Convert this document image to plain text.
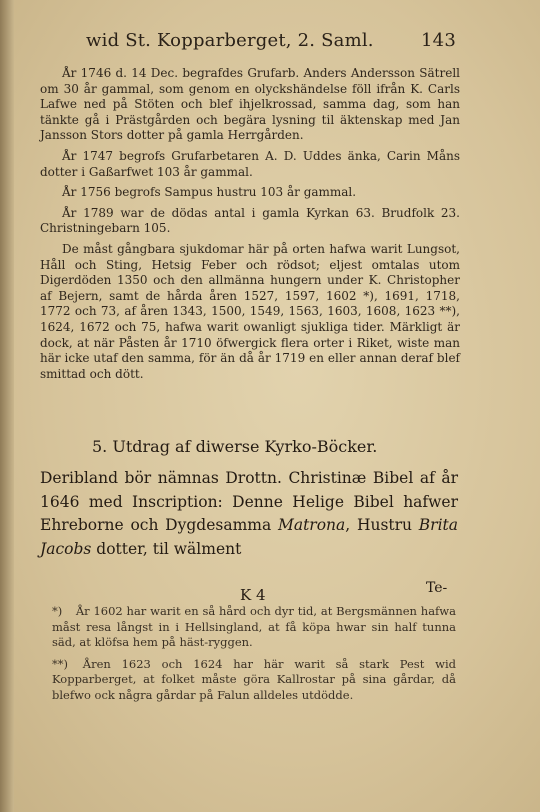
wid St. Kopparberget, 2. Saml.	143

År 1746 d. 14 Dec. begrafdes Grufarb. Anders Andersson Sätrell om 30 år gammal, som genom en olyckshändelse föll ifrån K. Carls Lafwe ned på Stöten och blef ihjelkrossad, samma dag, som han tänkte gå i Prästgården och begära lysning til äktenskap med Jan Jansson Stors dotter på gamla Herrgården.

År 1747 begrofs Grufarbetaren A. D. Uddes änka, Carin Måns dotter i Gaßarfwet 103 år gammal.

År 1756 begrofs Sampus hustru 103 år gammal.

År 1789 war de dödas antal i gamla Kyrkan 63. Brudfolk 23. Christningebarn 105.

De måst gångbara sjukdomar här på orten hafwa warit Lungsot, Håll och Sting, Hetsig Feber och rödsot; eljest omtalas utom Digerdöden 1350 och den allmänna hungern under K. Christopher af Bejern, samt de hårda åren 1527, 1597, 1602 *), 1691, 1718, 1772 och 73, af åren 1343, 1500, 1549, 1563, 1603, 1608, 1623 **), 1624, 1672 och 75, hafwa warit owanligt sjukliga tider. Märkligt är dock, at när Påsten år 1710 öfwergick flera orter i Riket, wiste man här icke utaf den samma, för än då år 1719 en eller annan deraf blef smittad och dött.

5. Utdrag af diwerse Kyrko-Böcker.
Deribland bör nämnas Drottn. Christinæ Bibel af år 1646 med Inscription: Denne Helige Bibel hafwer Ehreborne och Dygdesamma Matrona, Hustru Brita Jacobs dotter, til wälment
Te-
K 4

*) År 1602 har warit en så hård och dyr tid, at Bergsmännen hafwa måst resa långst in i Hellsingland, at få köpa hwar sin half tunna säd, at klöfsa hem på häst-ryggen.

**) Åren 1623 och 1624 har här warit så stark Pest wid Kopparberget, at folket måste göra Kallrostar på sina gårdar, då blefwo ock några gårdar på Falun alldeles utdödde.
